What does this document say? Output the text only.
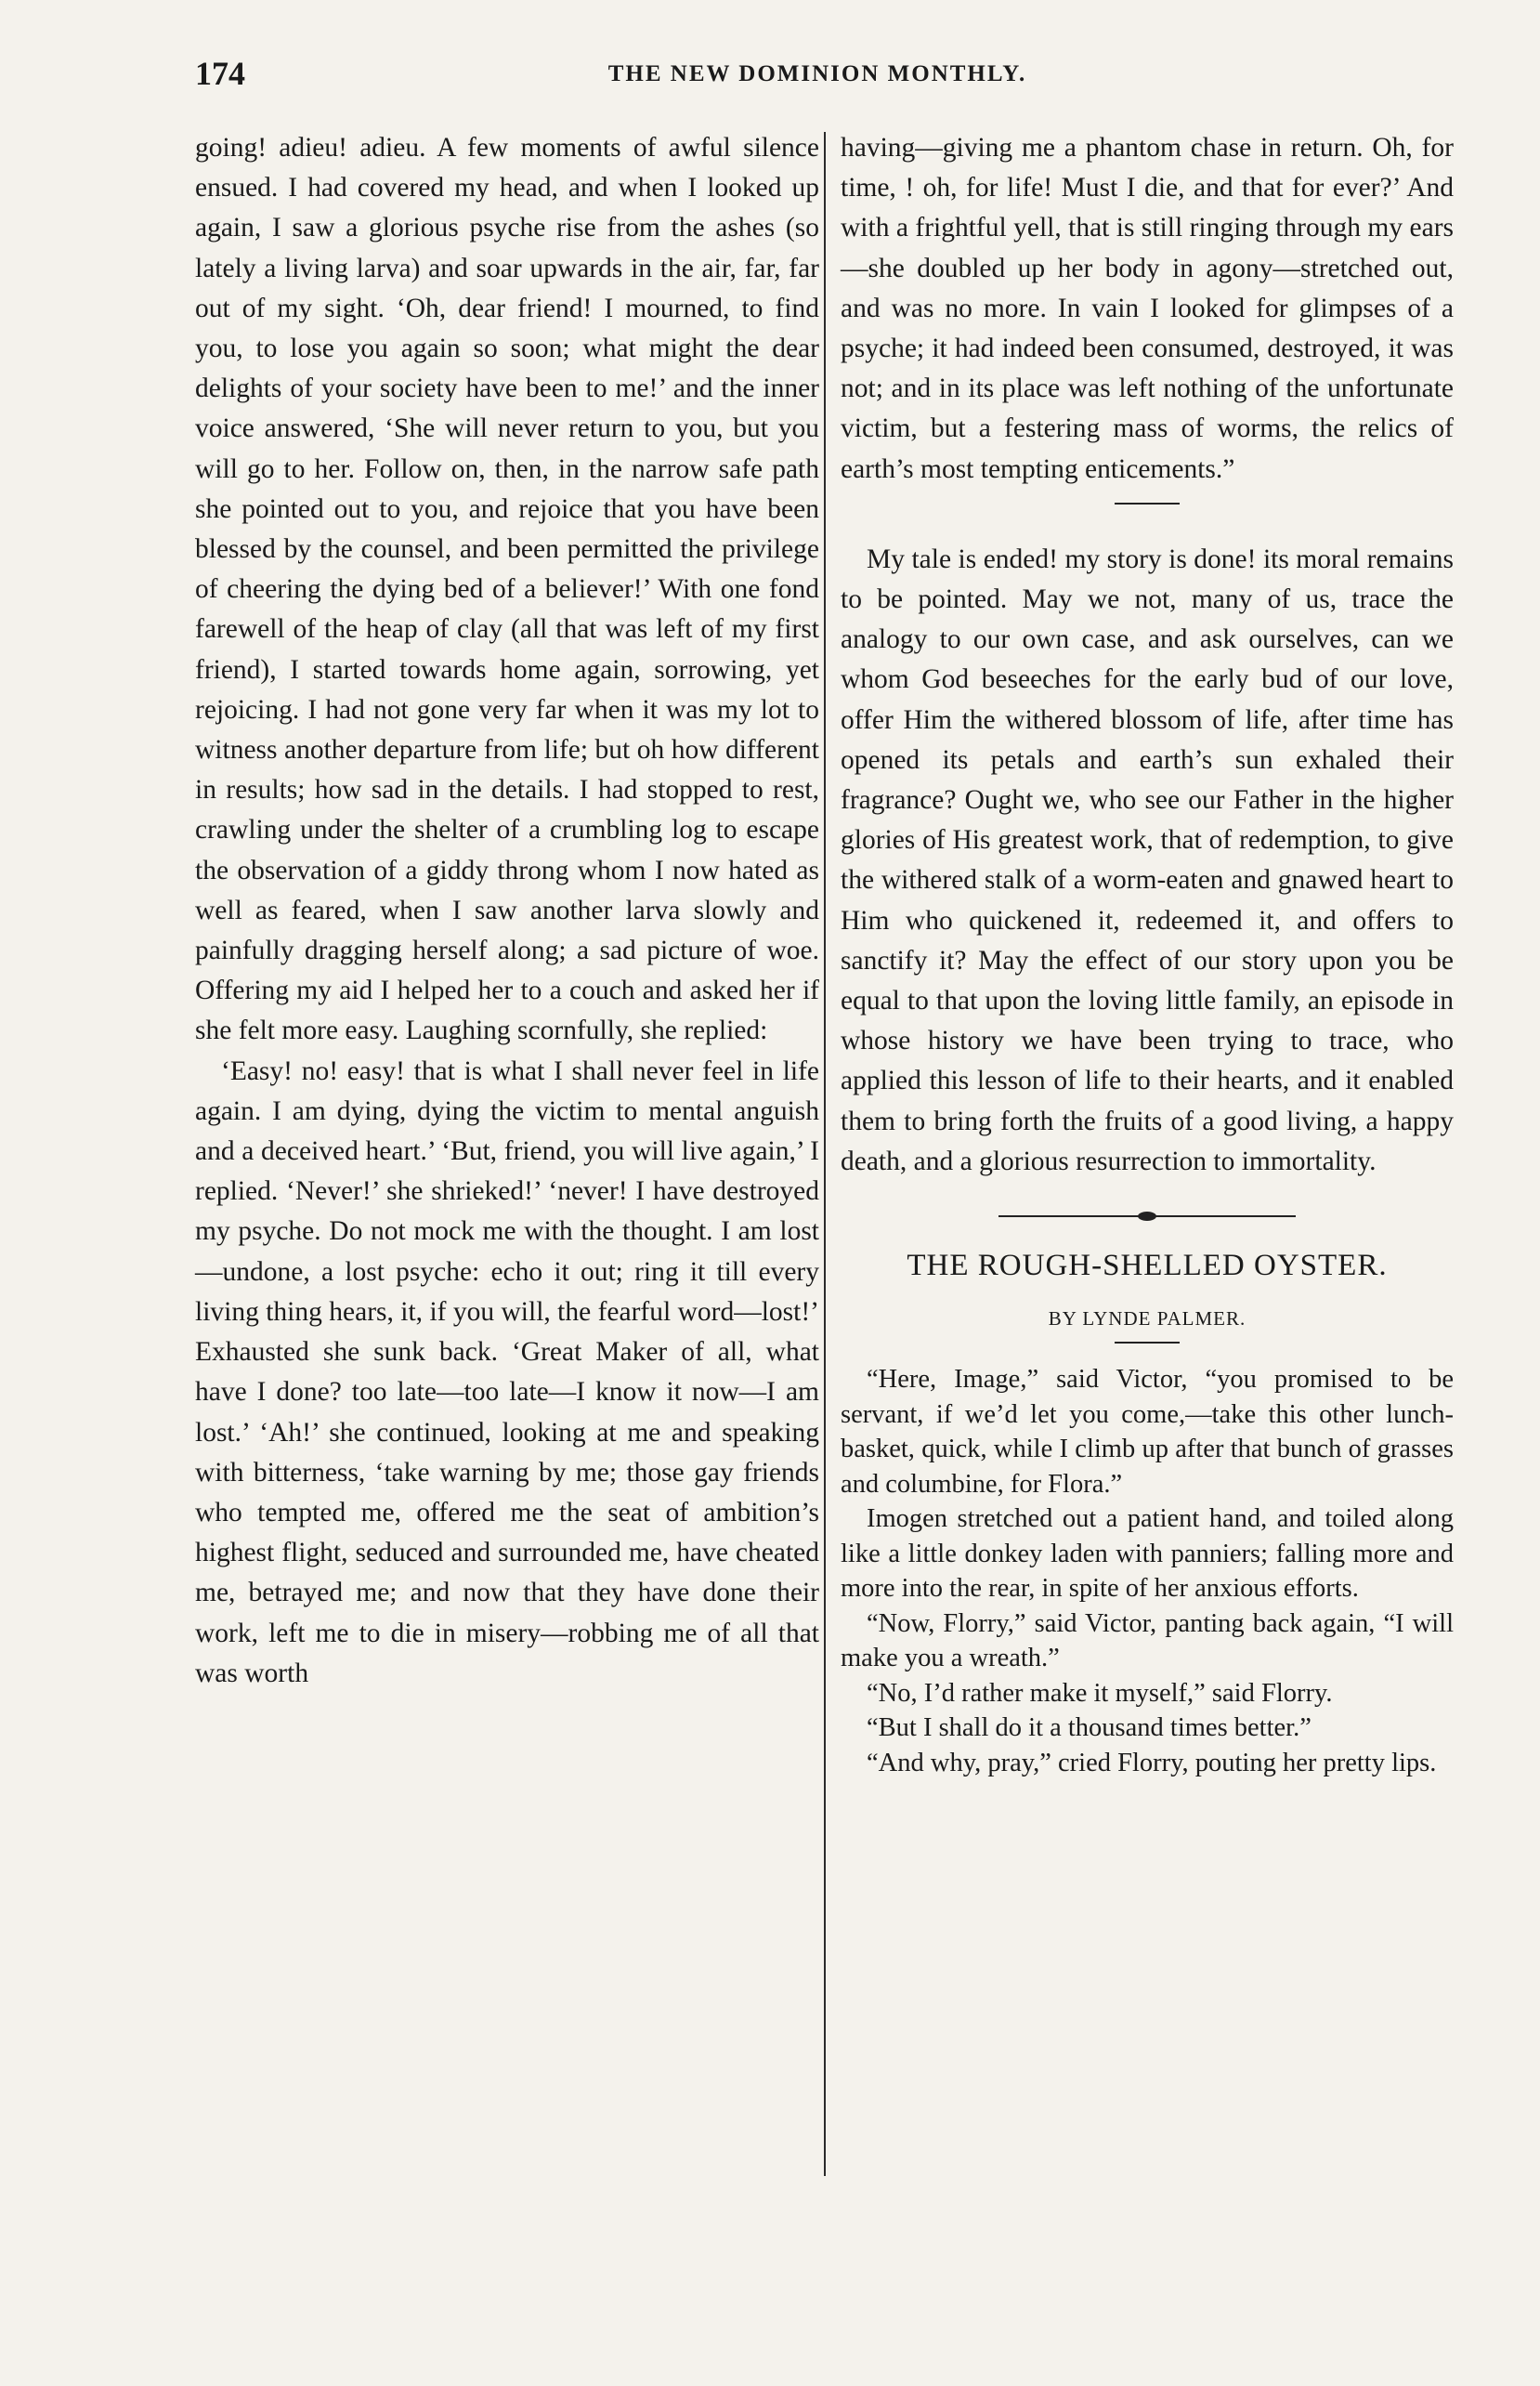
174	THE NEW DOMINION MONTHLY.

going! adieu! adieu. A few moments of awful silence ensued. I had covered my head, and when I looked up again, I saw a glorious psyche rise from the ashes (so lately a living larva) and soar upwards in the air, far, far out of my sight. ‘Oh, dear friend! I mourned, to find you, to lose you again so soon; what might the dear delights of your society have been to me!’ and the inner voice answered, ‘She will never return to you, but you will go to her. Follow on, then, in the narrow safe path she pointed out to you, and rejoice that you have been blessed by the counsel, and been permitted the privilege of cheering the dying bed of a believer!’ With one fond farewell of the heap of clay (all that was left of my first friend), I started towards home again, sorrowing, yet rejoicing. I had not gone very far when it was my lot to witness another departure from life; but oh how different in results; how sad in the details. I had stopped to rest, crawling under the shelter of a crumbling log to escape the observation of a giddy throng whom I now hated as well as feared, when I saw another larva slowly and painfully dragging herself along; a sad picture of woe. Offering my aid I helped her to a couch and asked her if she felt more easy. Laughing scornfully, she replied:

‘Easy! no! easy! that is what I shall never feel in life again. I am dying, dying the victim to mental anguish and a deceived heart.’ ‘But, friend, you will live again,’ I replied. ‘Never!’ she shrieked!’ ‘never! I have destroyed my psyche. Do not mock me with the thought. I am lost—undone, a lost psyche: echo it out; ring it till every living thing hears, it, if you will, the fearful word—lost!’ Exhausted she sunk back. ‘Great Maker of all, what have I done? too late—too late—I know it now—I am lost.’ ‘Ah!’ she continued, looking at me and speaking with bitterness, ‘take warning by me; those gay friends who tempted me, offered me the seat of ambition’s highest flight, seduced and surrounded me, have cheated me, betrayed me; and now that they have done their work, left me to die in misery—robbing me of all that was worth

having—giving me a phantom chase in return. Oh, for time, ! oh, for life! Must I die, and that for ever?’ And with a frightful yell, that is still ringing through my ears —she doubled up her body in agony—stretched out, and was no more. In vain I looked for glimpses of a psyche; it had indeed been consumed, destroyed, it was not; and in its place was left nothing of the unfortunate victim, but a festering mass of worms, the relics of earth’s most tempting enticements.”

My tale is ended! my story is done! its moral remains to be pointed. May we not, many of us, trace the analogy to our own case, and ask ourselves, can we whom God beseeches for the early bud of our love, offer Him the withered blossom of life, after time has opened its petals and earth’s sun exhaled their fragrance? Ought we, who see our Father in the higher glories of His greatest work, that of redemption, to give the withered stalk of a worm-eaten and gnawed heart to Him who quickened it, redeemed it, and offers to sanctify it? May the effect of our story upon you be equal to that upon the loving little family, an episode in whose history we have been trying to trace, who applied this lesson of life to their hearts, and it enabled them to bring forth the fruits of a good living, a happy death, and a glorious resurrection to immortality.

THE ROUGH-SHELLED OYSTER.
BY LYNDE PALMER.

“Here, Image,” said Victor, “you promised to be servant, if we’d let you come,—take this other lunch-basket, quick, while I climb up after that bunch of grasses and columbine, for Flora.”

Imogen stretched out a patient hand, and toiled along like a little donkey laden with panniers; falling more and more into the rear, in spite of her anxious efforts.

“Now, Florry,” said Victor, panting back again, “I will make you a wreath.”

“No, I’d rather make it myself,” said Florry.

“But I shall do it a thousand times better.”

“And why, pray,” cried Florry, pouting her pretty lips.
